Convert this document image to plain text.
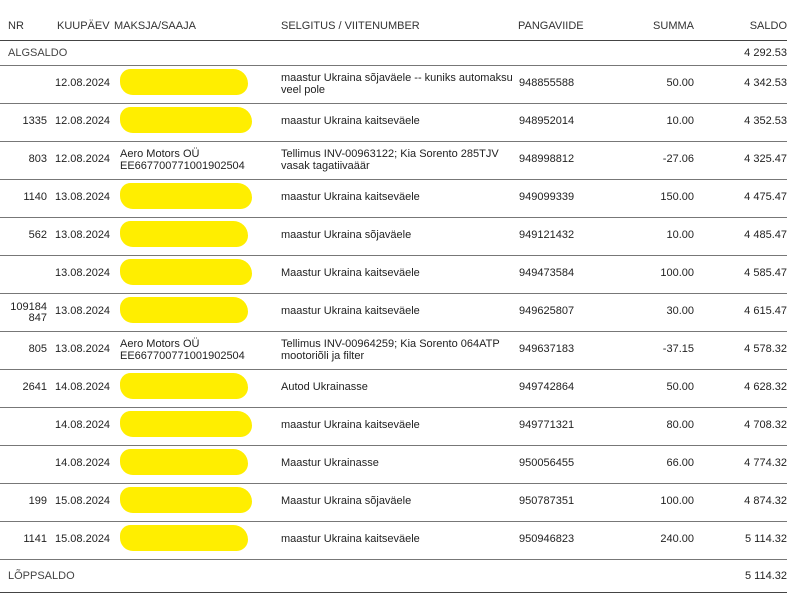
NR	KUUPÄEV	MAKSJA/SAAJA	SELGITUS / VIITENUMBER	PANGAVIIDE	SUMMA	SALDO
ALGSALDO						4 292.53
	12.08.2024		maastur Ukraina sõjaväele -- kuniks automaksu veel pole	948855588	50.00	4 342.53
1335	12.08.2024		maastur Ukraina kaitseväele	948952014	10.00	4 352.53
803	12.08.2024	Aero Motors OÜ EE667700771001902504	Tellimus INV-00963122; Kia Sorento 285TJV vasak tagatiivaäär	948998812	-27.06	4 325.47
1140	13.08.2024		maastur Ukraina kaitseväele	949099339	150.00	4 475.47
562	13.08.2024		maastur Ukraina sõjaväele	949121432	10.00	4 485.47
	13.08.2024		Maastur Ukraina kaitseväele	949473584	100.00	4 585.47

109184 847	13.08.2024		maastur Ukraina kaitseväele	949625807	30.00	4 615.47
805	13.08.2024	Aero Motors OÜ EE667700771001902504	Tellimus INV-00964259; Kia Sorento 064ATP mootoriõli ja filter	949637183	-37.15	4 578.32
2641	14.08.2024		Autod Ukrainasse	949742864	50.00	4 628.32
	14.08.2024		maastur Ukraina kaitseväele	949771321	80.00	4 708.32
	14.08.2024		Maastur Ukrainasse	950056455	66.00	4 774.32
199	15.08.2024		Maastur Ukraina sõjaväele	950787351	100.00	4 874.32
1141	15.08.2024		maastur Ukraina kaitseväele	950946823	240.00	5 114.32
LÕPPSALDO						5 114.32
